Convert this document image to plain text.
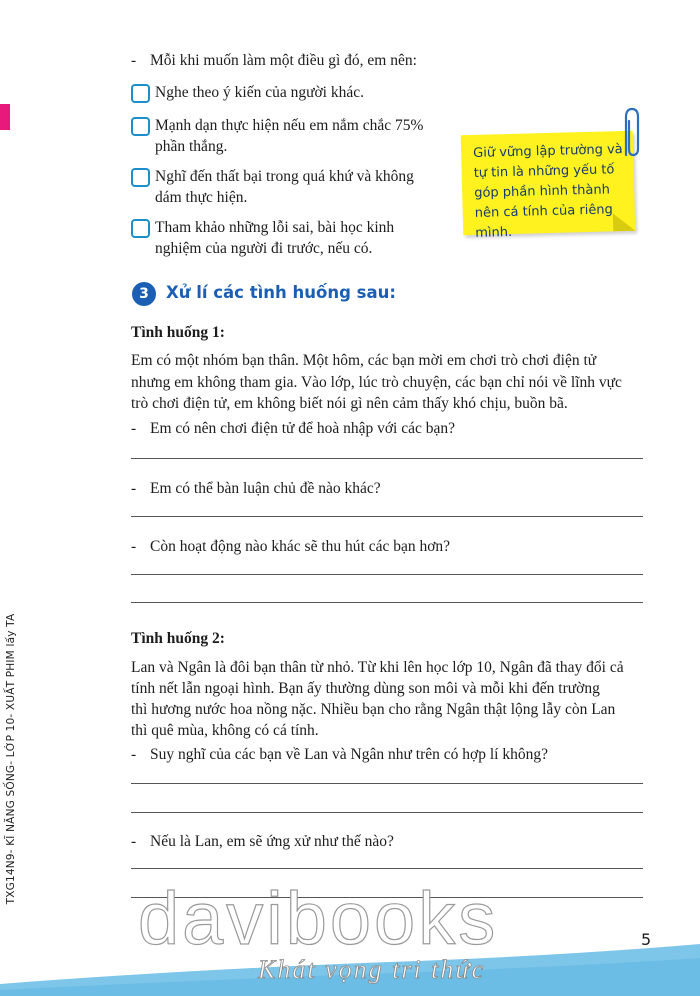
TXG14N9- KĨ NĂNG SỐNG- LỚP 10- XUẤT PHIM lấy TA
- Mỗi khi muốn làm một điều gì đó, em nên:
Nghe theo ý kiến của người khác.
Mạnh dạn thực hiện nếu em nắm chắc 75%
phần thắng.
Nghĩ đến thất bại trong quá khứ và không
dám thực hiện.
Tham khảo những lỗi sai, bài học kinh
nghiệm của người đi trước, nếu có.
Giữ vững lập trường và
tự tin là những yếu tố
góp phần hình thành
nên cá tính của riêng
mình.
3	Xử lí các tình huống sau:
Tình huống 1:
Em có một nhóm bạn thân. Một hôm, các bạn mời em chơi trò chơi điện tử
nhưng em không tham gia. Vào lớp, lúc trò chuyện, các bạn chỉ nói về lĩnh vực
trò chơi điện tử, em không biết nói gì nên cảm thấy khó chịu, buồn bã.
- Em có nên chơi điện tử để hoà nhập với các bạn?
- Em có thể bàn luận chủ đề nào khác?
- Còn hoạt động nào khác sẽ thu hút các bạn hơn?
Tình huống 2:
Lan và Ngân là đôi bạn thân từ nhỏ. Từ khi lên học lớp 10, Ngân đã thay đổi cả
tính nết lẫn ngoại hình. Bạn ấy thường dùng son môi và mỗi khi đến trường
thì hương nước hoa nồng nặc. Nhiều bạn cho rằng Ngân thật lộng lẫy còn Lan
thì quê mùa, không có cá tính.
- Suy nghĩ của các bạn về Lan và Ngân như trên có hợp lí không?
- Nếu là Lan, em sẽ ứng xử như thế nào?
davibooks
Khát vọng tri thức
5
